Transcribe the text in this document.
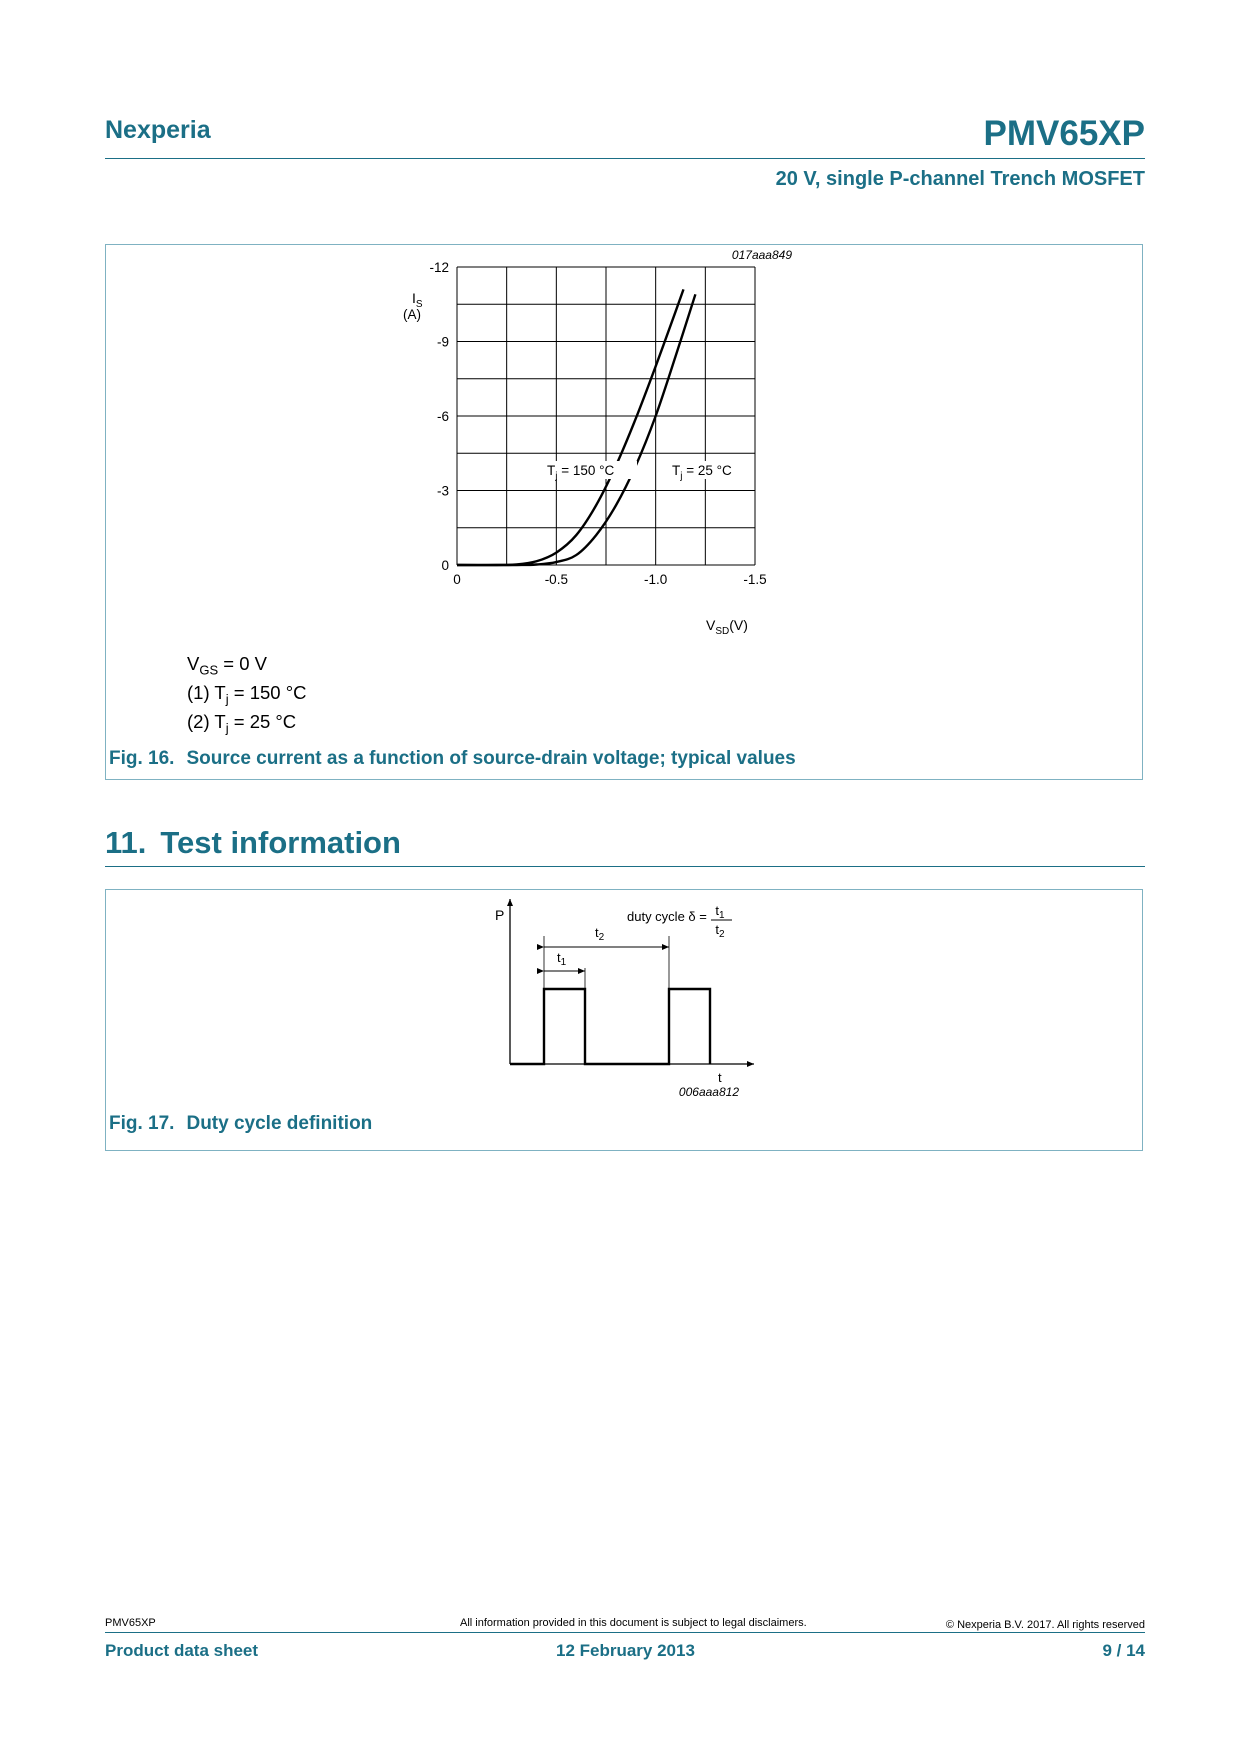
Nexperia	PMV65XP
20 V, single P-channel Trench MOSFET
017aaa849
-12
-9
-6
-3
0
0	-0.5	-1.0	-1.5
$I_S$
(A)
$V_{SD}(V)$
$T_j = 150$ °C	$T_j = 25$ °C
$V_{GS} = 0$ V
(1) $T_j = 150$ °C
(2) $T_j = 25$ °C
Fig. 16. Source current as a function of source-drain voltage; typical values
11. Test information
P
t
$t_2$
$t_1$
duty cycle $\delta = t_1$
$t_2$
006aaa812
Fig. 17. Duty cycle definition
PMV65XP	All information provided in this document is subject to legal disclaimers.	© Nexperia B.V. 2017. All rights reserved
Product data sheet	12 February 2013	9 / 14
